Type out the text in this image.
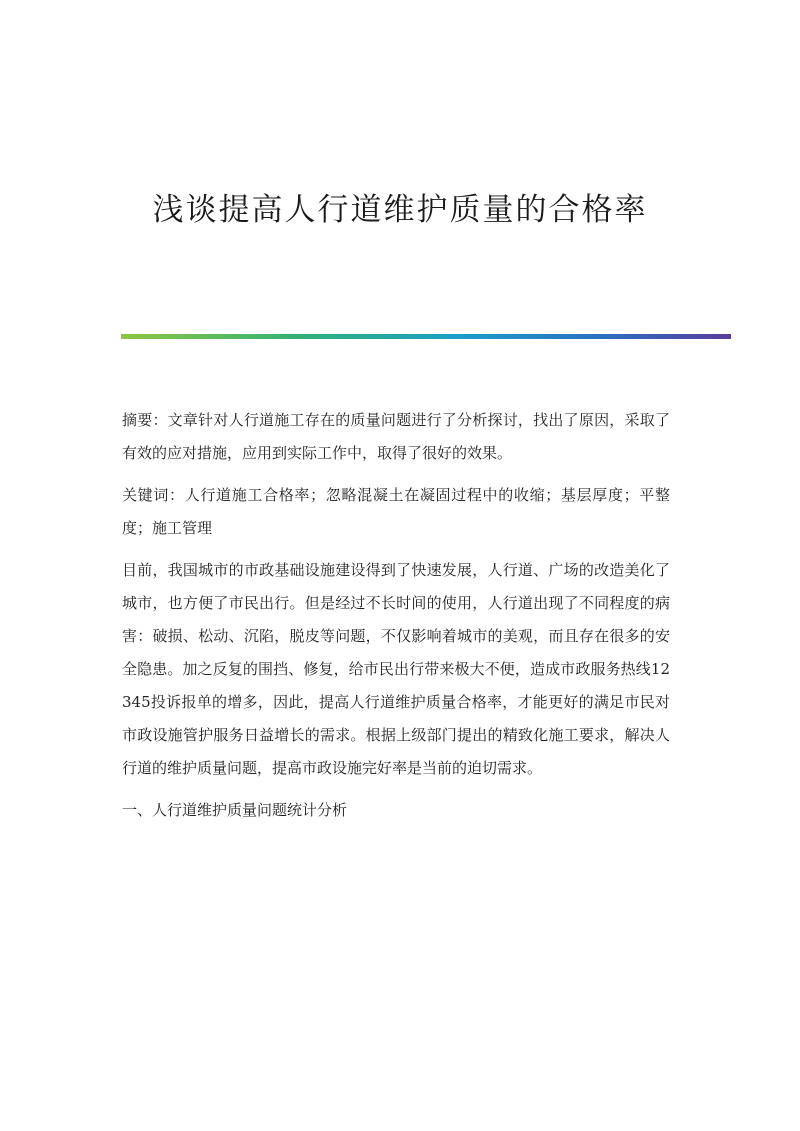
浅谈提高人行道维护质量的合格率

摘要：文章针对人行道施工存在的质量问题进行了分析探讨，找出了原因，采取了有效的应对措施，应用到实际工作中，取得了很好的效果。

关键词：人行道施工合格率；忽略混凝土在凝固过程中的收缩；基层厚度；平整度；施工管理

目前，我国城市的市政基础设施建设得到了快速发展，人行道、广场的改造美化了城市，也方便了市民出行。但是经过不长时间的使用，人行道出现了不同程度的病害：破损、松动、沉陷，脱皮等问题，不仅影响着城市的美观，而且存在很多的安全隐患。加之反复的围挡、修复，给市民出行带来极大不便，造成市政服务热线12345投诉报单的增多，因此，提高人行道维护质量合格率，才能更好的满足市民对市政设施管护服务日益增长的需求。根据上级部门提出的精致化施工要求，解决人行道的维护质量问题，提高市政设施完好率是当前的迫切需求。

一、人行道维护质量问题统计分析
